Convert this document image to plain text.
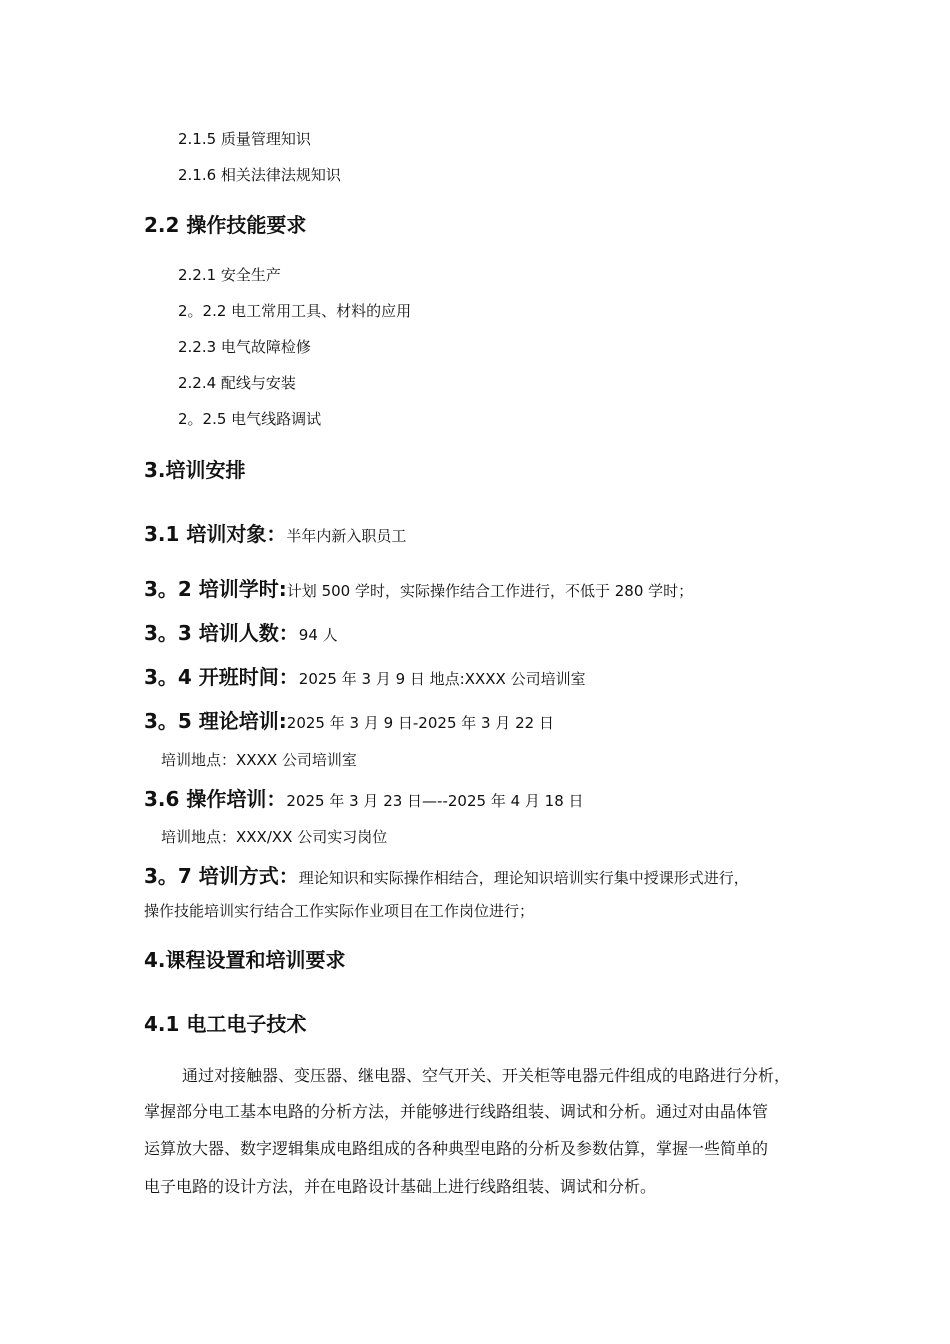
2.1.5 质量管理知识
2.1.6 相关法律法规知识
2.2 操作技能要求
2.2.1 安全生产
2。2.2 电工常用工具、材料的应用
2.2.3 电气故障检修
2.2.4 配线与安装
2。2.5 电气线路调试
3.培训安排
3.1 培训对象：半年内新入职员工
3。2 培训学时:计划 500 学时，实际操作结合工作进行，不低于 280 学时；
3。3 培训人数：94 人
3。4 开班时间：2025 年 3 月 9 日 地点:XXXX 公司培训室
3。5 理论培训:2025 年 3 月 9 日-2025 年 3 月 22 日
培训地点：XXXX 公司培训室
3.6 操作培训：2025 年 3 月 23 日—--2025 年 4 月 18 日
培训地点：XXX/XX 公司实习岗位
3。7 培训方式：理论知识和实际操作相结合，理论知识培训实行集中授课形式进行，
操作技能培训实行结合工作实际作业项目在工作岗位进行；
4.课程设置和培训要求
4.1 电工电子技术
通过对接触器、变压器、继电器、空气开关、开关柜等电器元件组成的电路进行分析，
掌握部分电工基本电路的分析方法，并能够进行线路组装、调试和分析。通过对由晶体管
运算放大器、数字逻辑集成电路组成的各种典型电路的分析及参数估算，掌握一些简单的
电子电路的设计方法，并在电路设计基础上进行线路组装、调试和分析。
